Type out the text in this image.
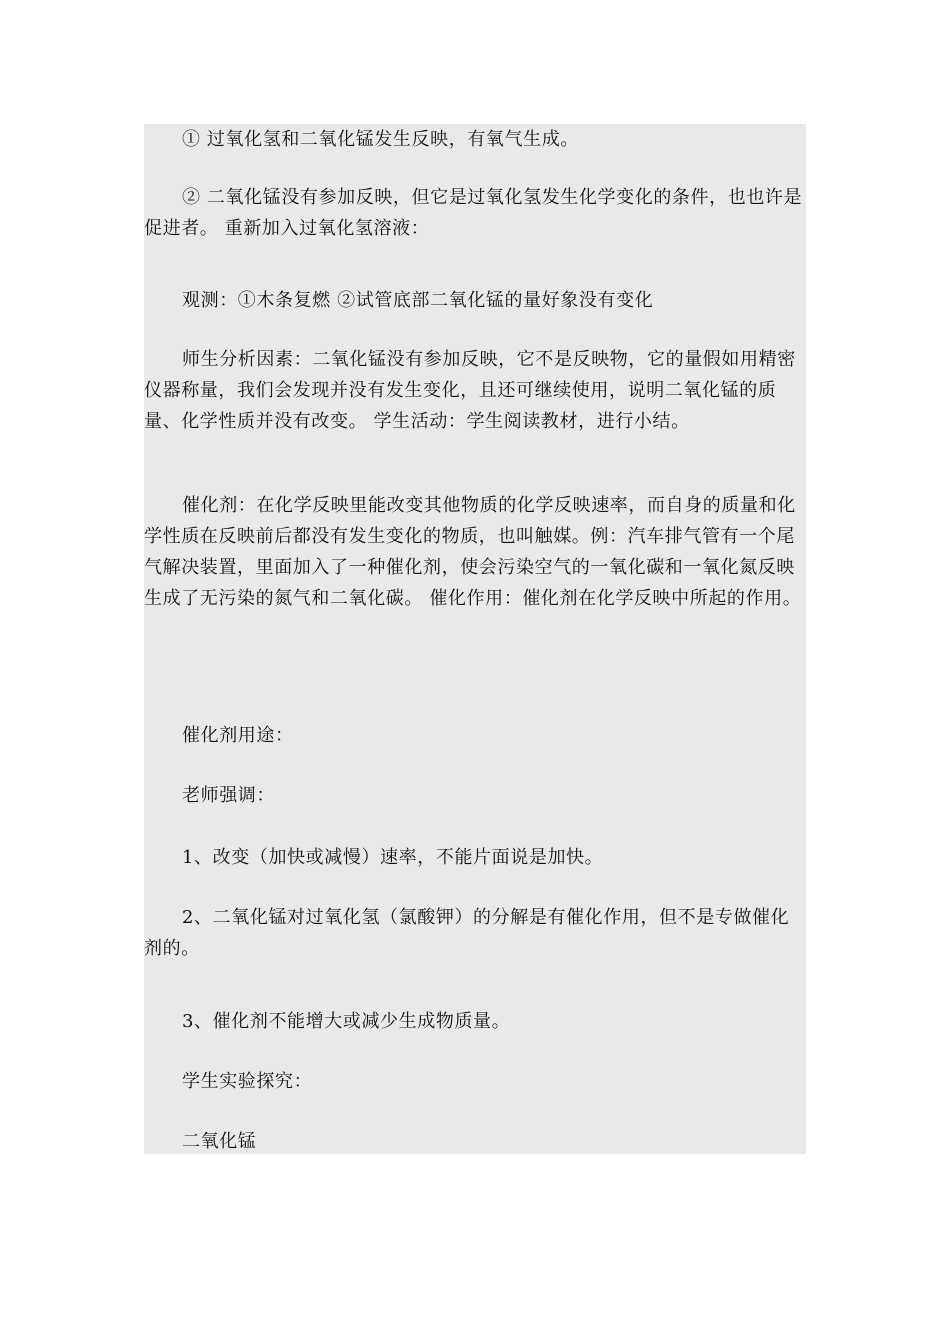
① 过氧化氢和二氧化锰发生反映，有氧气生成。

② 二氧化锰没有参加反映，但它是过氧化氢发生化学变化的条件，也也许是促进者。 重新加入过氧化氢溶液：

观测：①木条复燃 ②试管底部二氧化锰的量好象没有变化

师生分析因素：二氧化锰没有参加反映，它不是反映物，它的量假如用精密仪器称量，我们会发现并没有发生变化，且还可继续使用，说明二氧化锰的质量、化学性质并没有改变。 学生活动：学生阅读教材，进行小结。

催化剂：在化学反映里能改变其他物质的化学反映速率，而自身的质量和化学性质在反映前后都没有发生变化的物质，也叫触媒。例：汽车排气管有一个尾气解决装置，里面加入了一种催化剂，使会污染空气的一氧化碳和一氧化氮反映生成了无污染的氮气和二氧化碳。 催化作用：催化剂在化学反映中所起的作用。

催化剂用途：

老师强调：

1、改变（加快或减慢）速率，不能片面说是加快。

2、二氧化锰对过氧化氢（氯酸钾）的分解是有催化作用，但不是专做催化剂的。

3、催化剂不能增大或减少生成物质量。

学生实验探究：

二氧化锰
